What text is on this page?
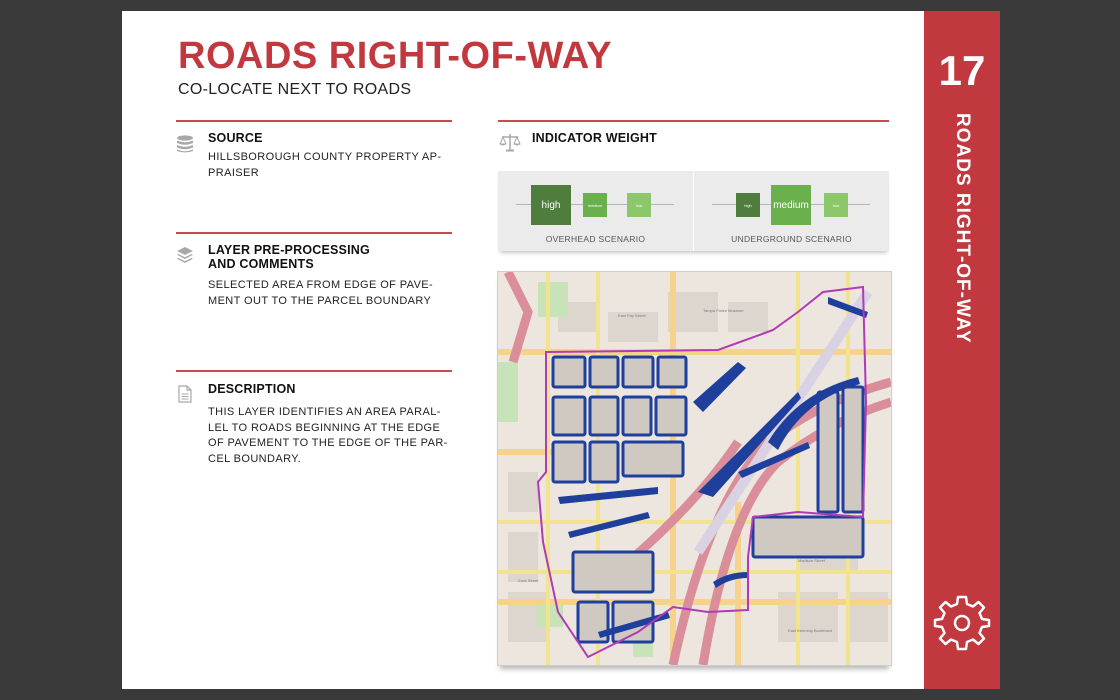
ROADS RIGHT-OF-WAY
CO-LOCATE NEXT TO ROADS
SOURCE
HILLSBOROUGH COUNTY PROPERTY AP-PRAISER
LAYER PRE-PROCESSING
AND COMMENTS
SELECTED AREA FROM EDGE OF PAVE-MENT OUT TO THE PARCEL BOUNDARY
DESCRIPTION
THIS LAYER IDENTIFIES AN AREA PARAL-LEL TO ROADS BEGINNING AT THE EDGE OF PAVEMENT TO THE EDGE OF THE PAR-CEL BOUNDARY.
INDICATOR WEIGHT
high	medium	low
OVERHEAD SCENARIO
high	medium	low
UNDERGROUND SCENARIO
East Fay Street
Tampa Police Museum
Zack Street
Madison Street
East Kennedy Boulevard
17
ROADS RIGHT-OF-WAY
